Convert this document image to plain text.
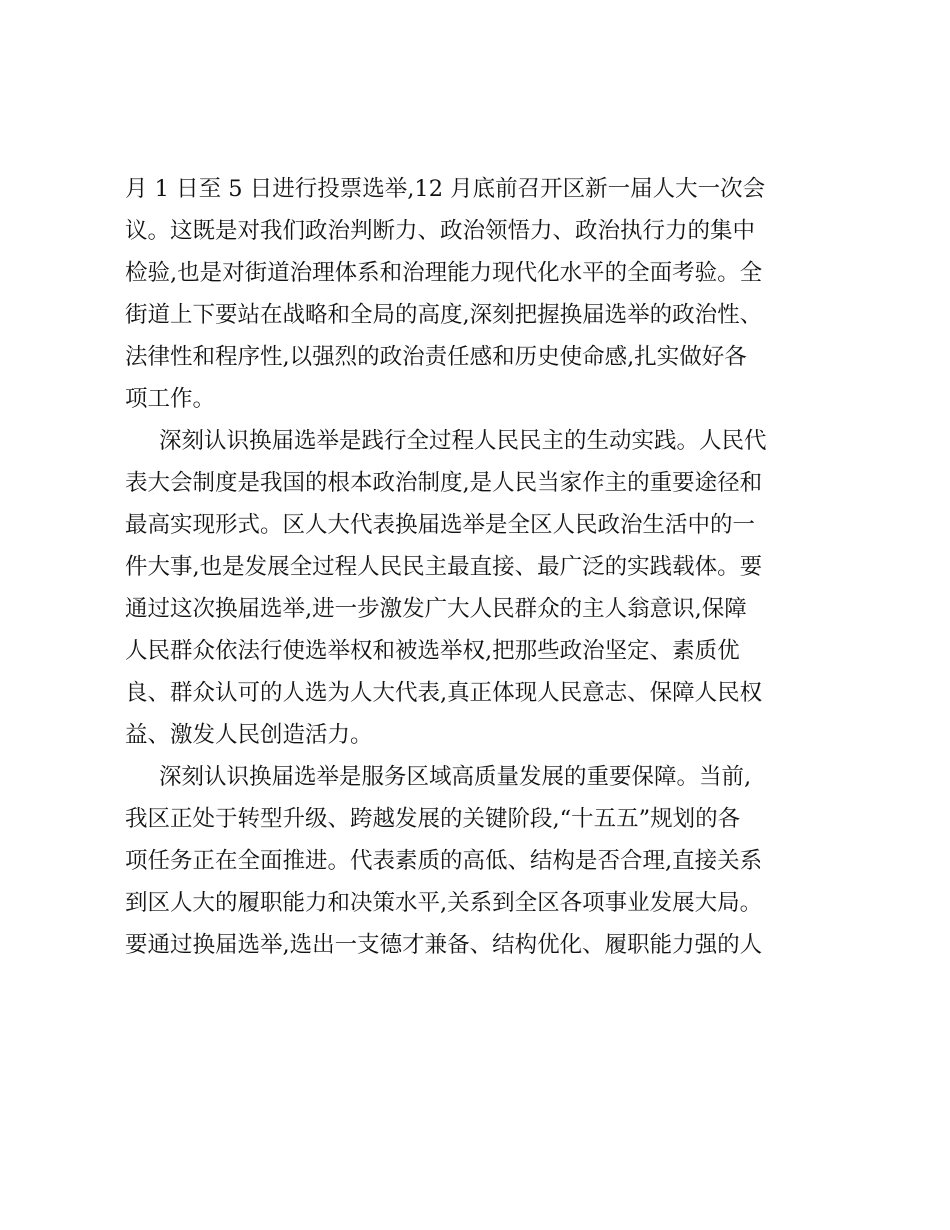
月 1 日至 5 日进行投票选举,12 月底前召开区新一届人大一次会
议。这既是对我们政治判断力、政治领悟力、政治执行力的集中
检验,也是对街道治理体系和治理能力现代化水平的全面考验。全
街道上下要站在战略和全局的高度,深刻把握换届选举的政治性、
法律性和程序性,以强烈的政治责任感和历史使命感,扎实做好各
项工作。
深刻认识换届选举是践行全过程人民民主的生动实践。人民代
表大会制度是我国的根本政治制度,是人民当家作主的重要途径和
最高实现形式。区人大代表换届选举是全区人民政治生活中的一
件大事,也是发展全过程人民民主最直接、最广泛的实践载体。要
通过这次换届选举,进一步激发广大人民群众的主人翁意识,保障
人民群众依法行使选举权和被选举权,把那些政治坚定、素质优
良、群众认可的人选为人大代表,真正体现人民意志、保障人民权
益、激发人民创造活力。
深刻认识换届选举是服务区域高质量发展的重要保障。当前,
我区正处于转型升级、跨越发展的关键阶段,“十五五”规划的各
项任务正在全面推进。代表素质的高低、结构是否合理,直接关系
到区人大的履职能力和决策水平,关系到全区各项事业发展大局。
要通过换届选举,选出一支德才兼备、结构优化、履职能力强的人
